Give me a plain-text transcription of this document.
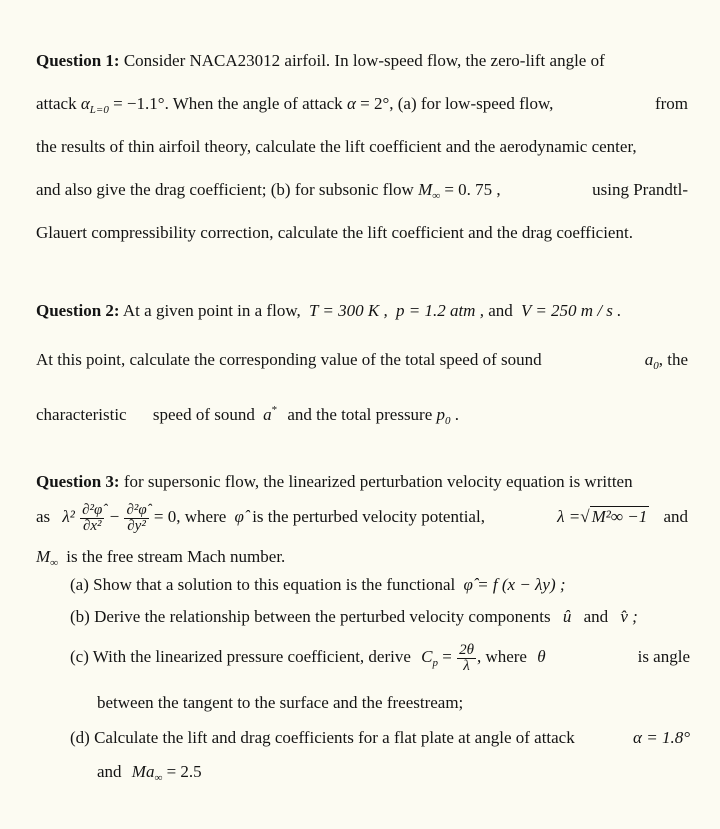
Question 1: Consider NACA23012 airfoil. In low-speed flow, the zero-lift angle of
attack $\alpha_{L=0} = -1.1^\circ$. When the angle of attack α = 2°, (a) for low-speed flow,	from
the results of thin airfoil theory, calculate the lift coefficient and the aerodynamic center,
and also give the drag coefficient; (b) for subsonic flow $M_\infty = 0$. 75 ,	using Prandtl-
Glauert compressibility correction, calculate the lift coefficient and the drag coefficient.
Question 2: At a given point in a flow, T = 300 K , p = 1.2 atm , and V = 250 m / s .
At this point, calculate the corresponding value of the total speed of sound	$a_0$, the
characteristic speed of sound a* and the total pressure $p_0$ .
Question 3: for supersonic flow, the linearized perturbation velocity equation is written
as $\lambda^2 \frac{\text{∂²φ̂}}{\text{∂x²}} - \frac{\text{∂²φ̂}}{\text{∂y²}} = 0$, where φ̂ is the perturbed velocity potential,	λ =√ M²∞ −1 and
$M_\infty$ is the free stream Mach number.
(a) Show that a solution to this equation is the functional φ̂ = f (x − λy) ;
(b) Derive the relationship between the perturbed velocity components û and v̂ ;
(c) With the linearized pressure coefficient, derive $C_p = \frac{2\theta}{\lambda}$ , where θ	is angle
between the tangent to the surface and the freestream;
(d) Calculate the lift and drag coefficients for a flat plate at angle of attack	α = 1.8°
and $Ma_\infty = 2.5$
